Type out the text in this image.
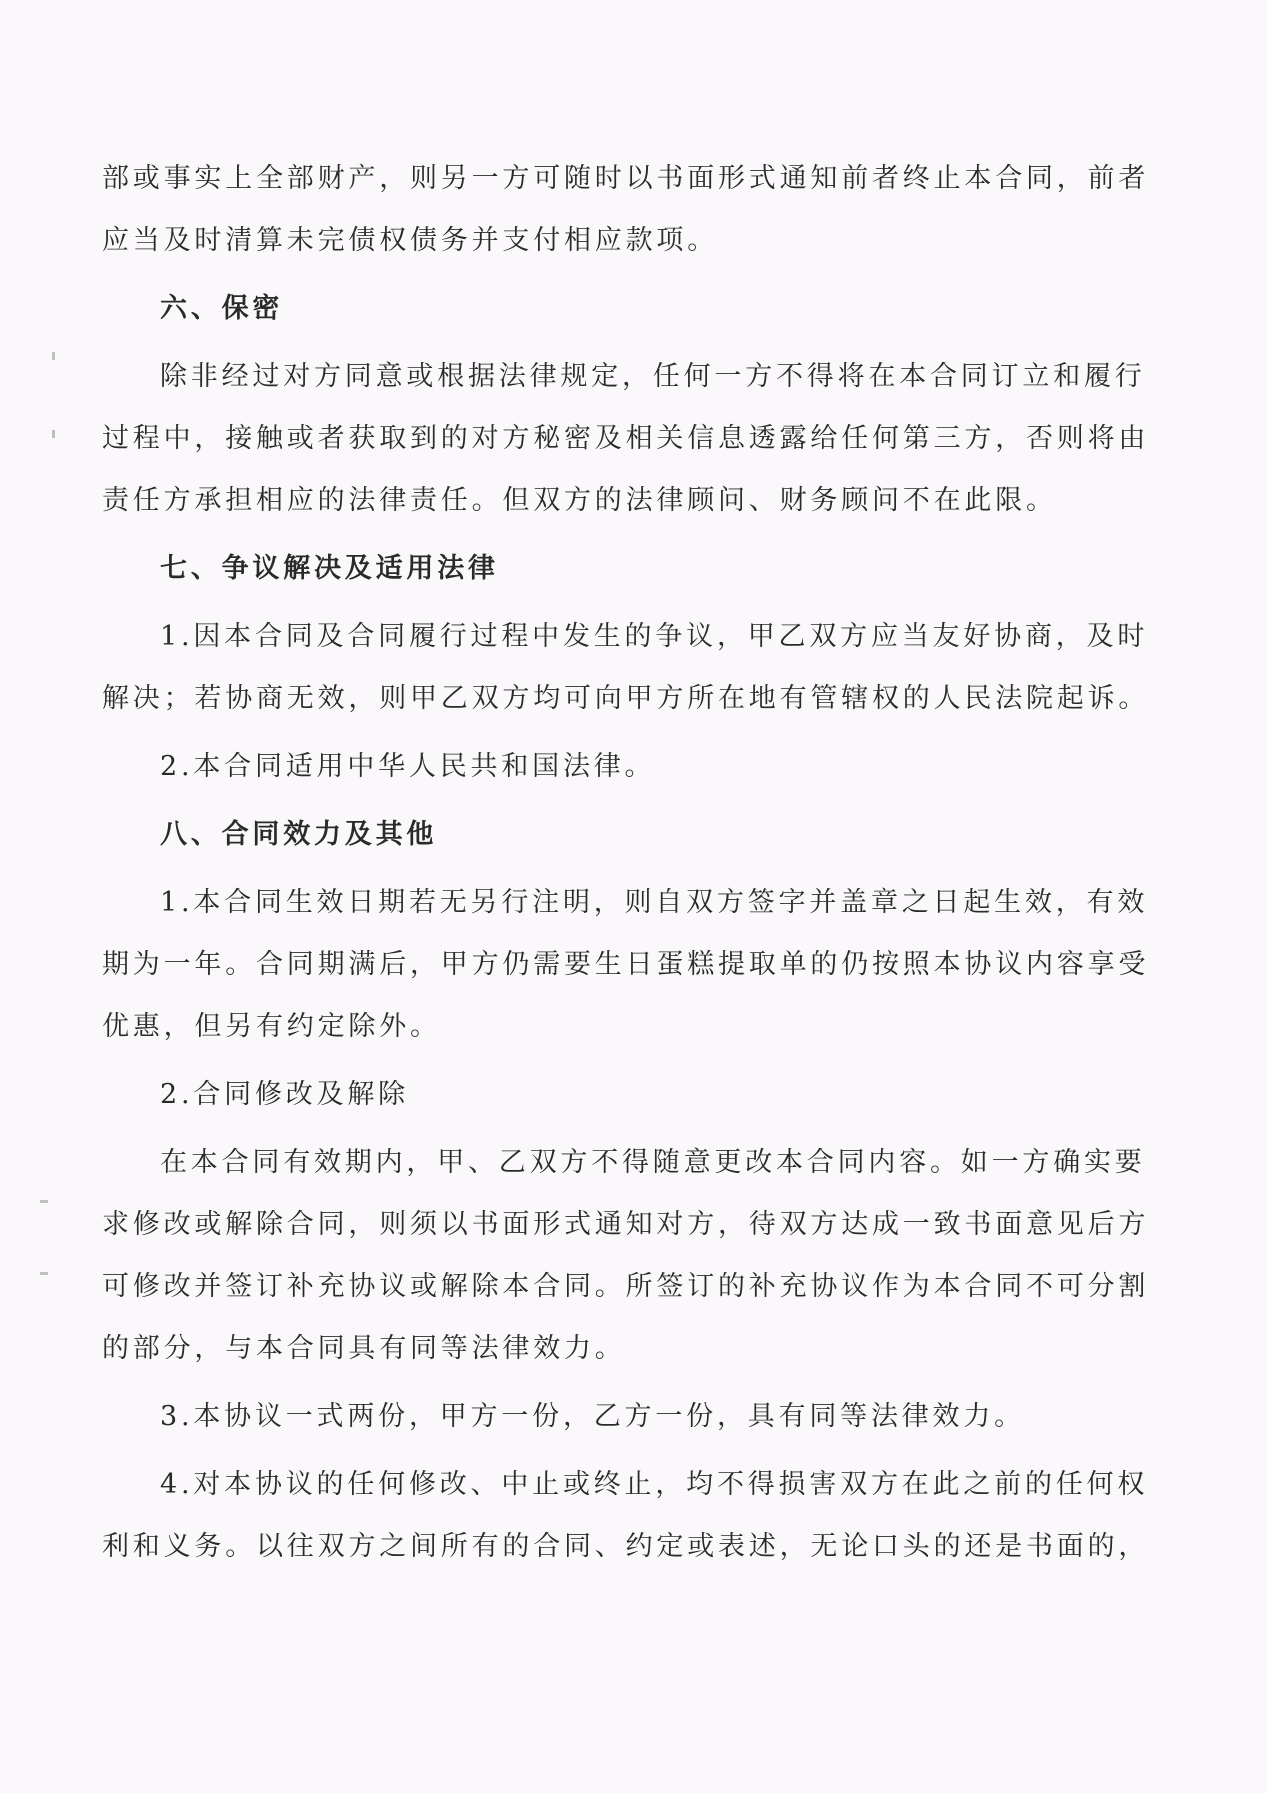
部或事实上全部财产，则另一方可随时以书面形式通知前者终止本合同，前者
应当及时清算未完债权债务并支付相应款项。
六、保密
除非经过对方同意或根据法律规定，任何一方不得将在本合同订立和履行
过程中，接触或者获取到的对方秘密及相关信息透露给任何第三方，否则将由
责任方承担相应的法律责任。但双方的法律顾问、财务顾问不在此限。
七、争议解决及适用法律
1.因本合同及合同履行过程中发生的争议，甲乙双方应当友好协商，及时
解决；若协商无效，则甲乙双方均可向甲方所在地有管辖权的人民法院起诉。
2.本合同适用中华人民共和国法律。
八、合同效力及其他
1.本合同生效日期若无另行注明，则自双方签字并盖章之日起生效，有效
期为一年。合同期满后，甲方仍需要生日蛋糕提取单的仍按照本协议内容享受
优惠，但另有约定除外。
2.合同修改及解除
在本合同有效期内，甲、乙双方不得随意更改本合同内容。如一方确实要
求修改或解除合同，则须以书面形式通知对方，待双方达成一致书面意见后方
可修改并签订补充协议或解除本合同。所签订的补充协议作为本合同不可分割
的部分，与本合同具有同等法律效力。
3.本协议一式两份，甲方一份，乙方一份，具有同等法律效力。
4.对本协议的任何修改、中止或终止，均不得损害双方在此之前的任何权
利和义务。以往双方之间所有的合同、约定或表述，无论口头的还是书面的，
